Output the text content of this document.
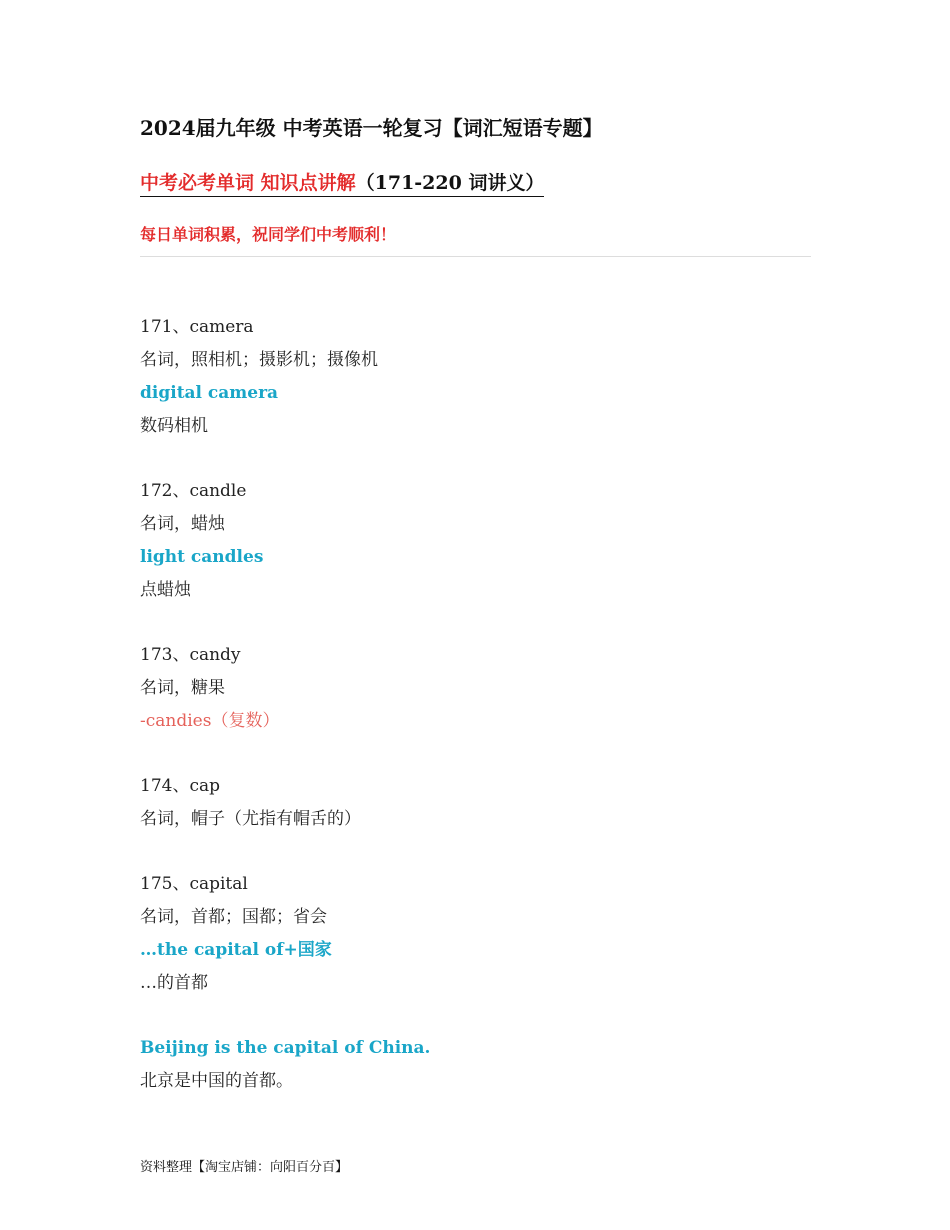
2024届九年级 中考英语一轮复习【词汇短语专题】
中考必考单词 知识点讲解（171-220 词讲义）
每日单词积累，祝同学们中考顺利！
171、camera
名词，照相机；摄影机；摄像机
digital camera
数码相机
172、candle
名词，蜡烛
light candles
点蜡烛
173、candy
名词，糖果
-candies（复数）
174、cap
名词，帽子（尤指有帽舌的）
175、capital
名词，首都；国都；省会
…the capital of+国家
…的首都
Beijing is the capital of China.
北京是中国的首都。
资料整理【淘宝店铺：向阳百分百】
